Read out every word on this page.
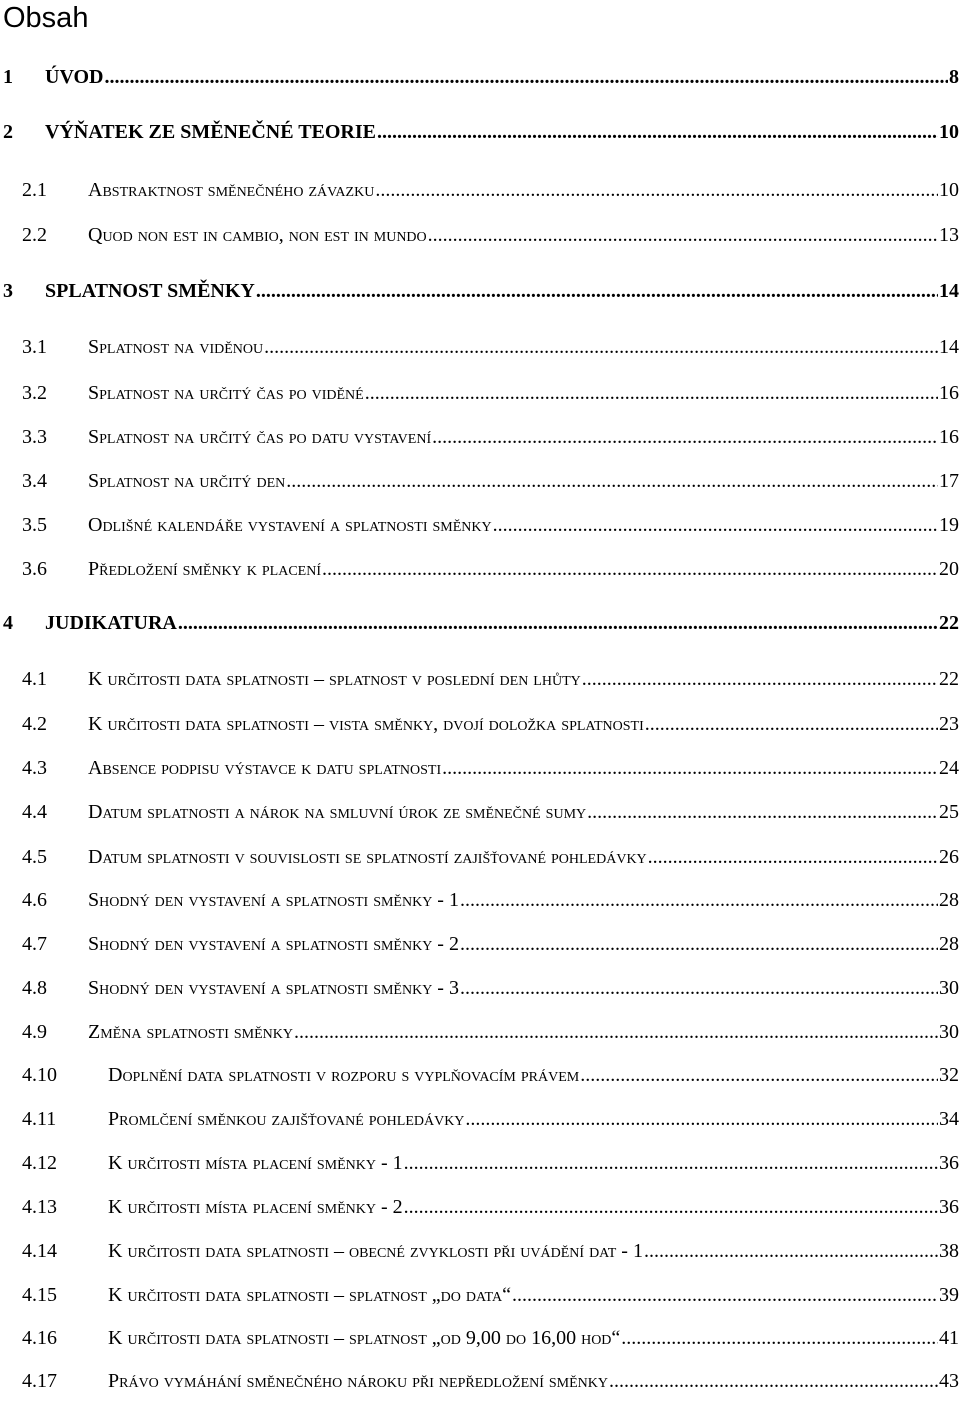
Obsah
1	ÚVOD .....	8
2	VÝŇATEK ZE SMĚNEČNÉ TEORIE .....	10
2.1	Abstraktnost směnečného závazku .....	10
2.2	Quod non est in cambio, non est in mundo .....	13
3	SPLATNOST SMĚNKY .....	14
3.1	Splatnost na viděnou .....	14
3.2	Splatnost na určitý čas po viděné .....	16
3.3	Splatnost na určitý čas po datu vystavení .....	16
3.4	Splatnost na určitý den .....	17
3.5	Odlišné kalendáře vystavení a splatnosti směnky .....	19
3.6	Předložení směnky k placení .....	20
4	JUDIKATURA .....	22
4.1	K určitosti data splatnosti – splatnost v poslední den lhůty .....	22
4.2	K určitosti data splatnosti – vista směnky, dvojí doložka splatnosti .....	23
4.3	Absence podpisu výstavce k datu splatnosti .....	24
4.4	Datum splatnosti a nárok na smluvní úrok ze směnečné sumy .....	25
4.5	Datum splatnosti v souvislosti se splatností zajišťované pohledávky .....	26
4.6	Shodný den vystavení a splatnosti směnky - 1 .....	28
4.7	Shodný den vystavení a splatnosti směnky - 2 .....	28
4.8	Shodný den vystavení a splatnosti směnky - 3 .....	30
4.9	Změna splatnosti směnky .....	30
4.10	Doplnění data splatnosti v rozporu s vyplňovacím právem .....	32
4.11	Promlčení směnkou zajišťované pohledávky .....	34
4.12	K určitosti místa placení směnky - 1 .....	36
4.13	K určitosti místa placení směnky - 2 .....	36
4.14	K určitosti data splatnosti – obecné zvyklosti při uvádění dat - 1 .....	38
4.15	K určitosti data splatnosti – splatnost „do data“ .....	39
4.16	K určitosti data splatnosti – splatnost „od 9,00 do 16,00 hod“ .....	41
4.17	Právo vymáhání směnečného nároku při nepředložení směnky .....	43
